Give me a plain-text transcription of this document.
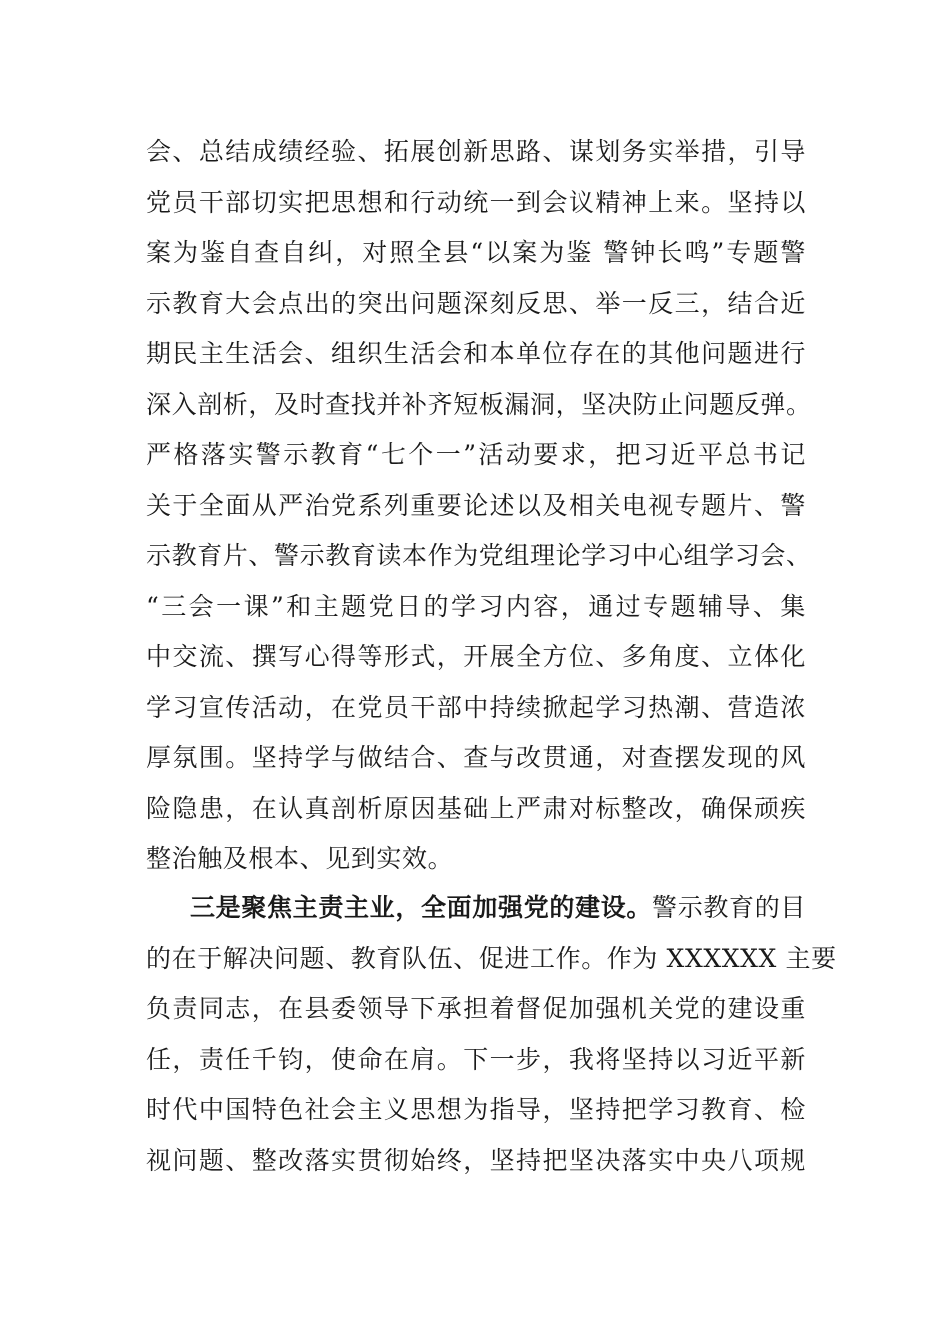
会、总结成绩经验、拓展创新思路、谋划务实举措，引导
党员干部切实把思想和行动统一到会议精神上来。坚持以
案为鉴自查自纠，对照全县“以案为鉴 警钟长鸣”专题警
示教育大会点出的突出问题深刻反思、举一反三，结合近
期民主生活会、组织生活会和本单位存在的其他问题进行
深入剖析，及时查找并补齐短板漏洞，坚决防止问题反弹。
严格落实警示教育“七个一”活动要求，把习近平总书记
关于全面从严治党系列重要论述以及相关电视专题片、警
示教育片、警示教育读本作为党组理论学习中心组学习会、
“三会一课”和主题党日的学习内容，通过专题辅导、集
中交流、撰写心得等形式，开展全方位、多角度、立体化
学习宣传活动，在党员干部中持续掀起学习热潮、营造浓
厚氛围。坚持学与做结合、查与改贯通，对查摆发现的风
险隐患，在认真剖析原因基础上严肃对标整改，确保顽疾
整治触及根本、见到实效。
三是聚焦主责主业，全面加强党的建设。警示教育的目
的在于解决问题、教育队伍、促进工作。作为 XXXXXX 主要
负责同志，在县委领导下承担着督促加强机关党的建设重
任，责任千钧，使命在肩。下一步，我将坚持以习近平新
时代中国特色社会主义思想为指导，坚持把学习教育、检
视问题、整改落实贯彻始终，坚持把坚决落实中央八项规
